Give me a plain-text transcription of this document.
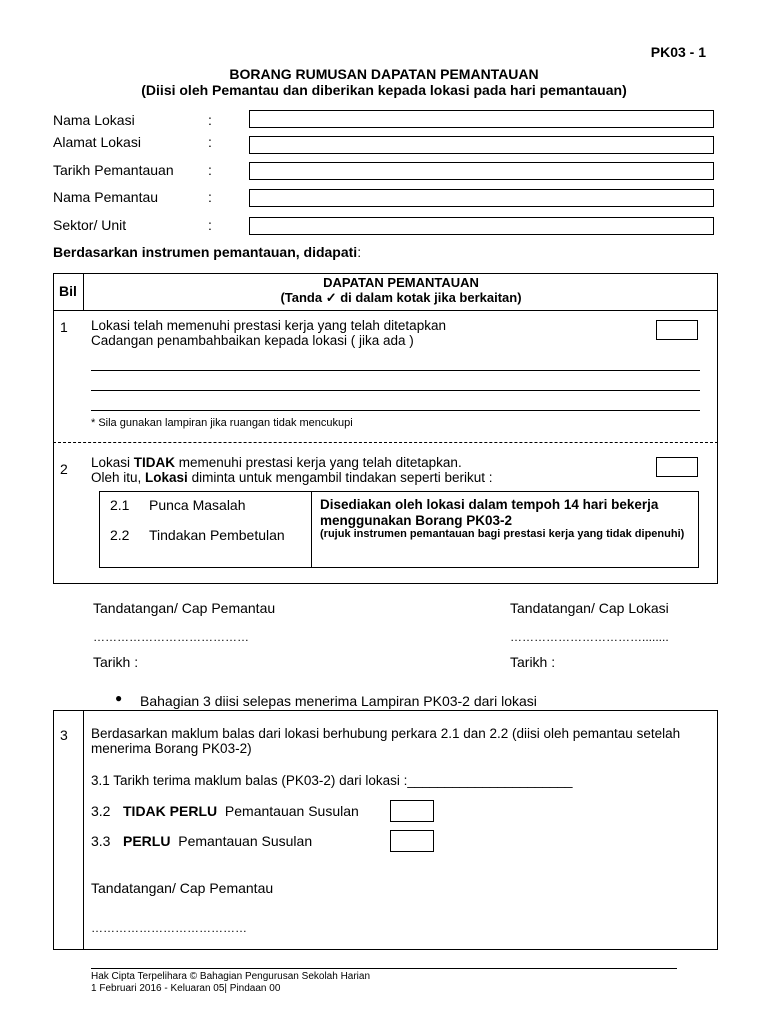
PK03 - 1
BORANG RUMUSAN DAPATAN PEMANTAUAN
(Diisi oleh Pemantau dan diberikan kepada lokasi pada hari pemantauan)
Nama Lokasi	:
Alamat Lokasi	:
Tarikh Pemantauan :
Nama Pemantau	:
Sektor/ Unit	:
Berdasarkan instrumen pemantauan, didapati:
Bil
DAPATAN PEMANTAUAN
(Tanda ✓ di dalam kotak jika berkaitan)
1 Lokasi telah memenuhi prestasi kerja yang telah ditetapkan
Cadangan penambahbaikan kepada lokasi ( jika ada )
* Sila gunakan lampiran jika ruangan tidak mencukupi
2 Lokasi TIDAK memenuhi prestasi kerja yang telah ditetapkan.
Oleh itu, Lokasi diminta untuk mengambil tindakan seperti berikut :
2.1 Punca Masalah
2.2 Tindakan Pembetulan
Disediakan oleh lokasi dalam tempoh 14 hari bekerja menggunakan Borang PK03-2
(rujuk instrumen pemantauan bagi prestasi kerja yang tidak dipenuhi)
Tandatangan/ Cap Pemantau
…………………………………
Tarikh :
Tandatangan/ Cap Lokasi
……………………………........
Tarikh :
● Bahagian 3 diisi selepas menerima Lampiran PK03-2 dari lokasi
3 Berdasarkan maklum balas dari lokasi berhubung perkara 2.1 dan 2.2 (diisi oleh pemantau setelah menerima Borang PK03-2)
3.1 Tarikh terima maklum balas (PK03-2) dari lokasi :______________________
3.2 TIDAK PERLU Pemantauan Susulan
3.3 PERLU Pemantauan Susulan
Tandatangan/ Cap Pemantau
…………………………………
Hak Cipta Terpelihara © Bahagian Pengurusan Sekolah Harian
1 Februari 2016 - Keluaran 05| Pindaan 00
